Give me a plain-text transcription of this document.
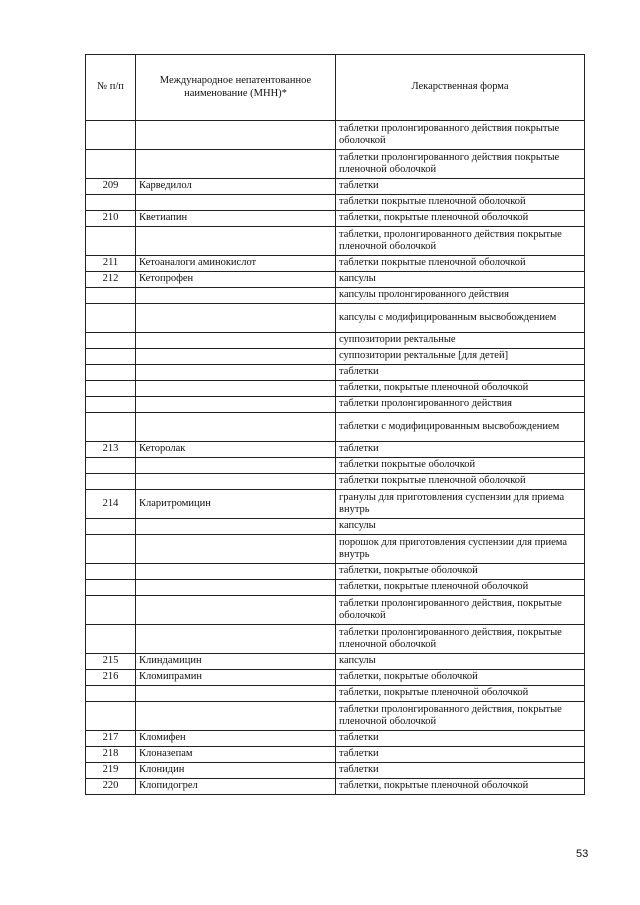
№ п/п	Международное непатентованное наименование (МНН)*	Лекарственная форма
		таблетки пролонгированного действия покрытые оболочкой
		таблетки пролонгированного действия покрытые пленочной оболочкой
209	Карведилол	таблетки
		таблетки покрытые пленочной оболочкой
210	Кветиапин	таблетки, покрытые пленочной оболочкой
		таблетки, пролонгированного действия покрытые пленочной оболочкой
211	Кетоаналоги аминокислот	таблетки покрытые пленочной оболочкой
212	Кетопрофен	капсулы
		капсулы пролонгированного действия
		капсулы с модифицированным высвобождением
		суппозитории ректальные
		суппозитории ректальные [для детей]
		таблетки
		таблетки, покрытые пленочной оболочкой
		таблетки пролонгированного действия
		таблетки с модифицированным высвобождением
213	Кеторолак	таблетки
		таблетки покрытые оболочкой
		таблетки покрытые пленочной оболочкой
214	Кларитромицин	гранулы для приготовления суспензии для приема внутрь
		капсулы
		порошок для приготовления суспензии для приема внутрь
		таблетки, покрытые оболочкой
		таблетки, покрытые пленочной оболочкой
		таблетки пролонгированного действия, покрытые оболочкой
		таблетки пролонгированного действия, покрытые пленочной оболочкой
215	Клиндамицин	капсулы
216	Кломипрамин	таблетки, покрытые оболочкой
		таблетки, покрытые пленочной оболочкой
		таблетки пролонгированного действия, покрытые пленочной оболочкой
217	Кломифен	таблетки
218	Клоназепам	таблетки
219	Клонидин	таблетки
220	Клопидогрел	таблетки, покрытые пленочной оболочкой
53
